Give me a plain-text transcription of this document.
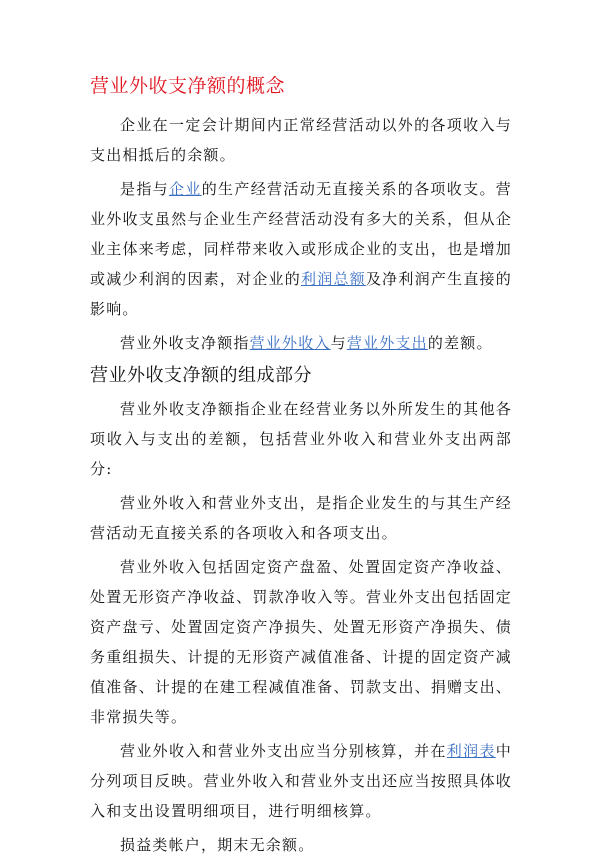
营业外收支净额的概念

企业在一定会计期间内正常经营活动以外的各项收入与支出相抵后的余额。

是指与企业的生产经营活动无直接关系的各项收支。营业外收支虽然与企业生产经营活动没有多大的关系，但从企业主体来考虑，同样带来收入或形成企业的支出，也是增加或减少利润的因素，对企业的利润总额及净利润产生直接的影响。

营业外收支净额指营业外收入与营业外支出的差额。

营业外收支净额的组成部分

营业外收支净额指企业在经营业务以外所发生的其他各项收入与支出的差额，包括营业外收入和营业外支出两部分:

营业外收入和营业外支出，是指企业发生的与其生产经营活动无直接关系的各项收入和各项支出。

营业外收入包括固定资产盘盈、处置固定资产净收益、处置无形资产净收益、罚款净收入等。营业外支出包括固定资产盘亏、处置固定资产净损失、处置无形资产净损失、债务重组损失、计提的无形资产减值准备、计提的固定资产减值准备、计提的在建工程减值准备、罚款支出、捐赠支出、非常损失等。

营业外收入和营业外支出应当分别核算，并在利润表中分列项目反映。营业外收入和营业外支出还应当按照具体收入和支出设置明细项目，进行明细核算。

损益类帐户，期末无余额。
